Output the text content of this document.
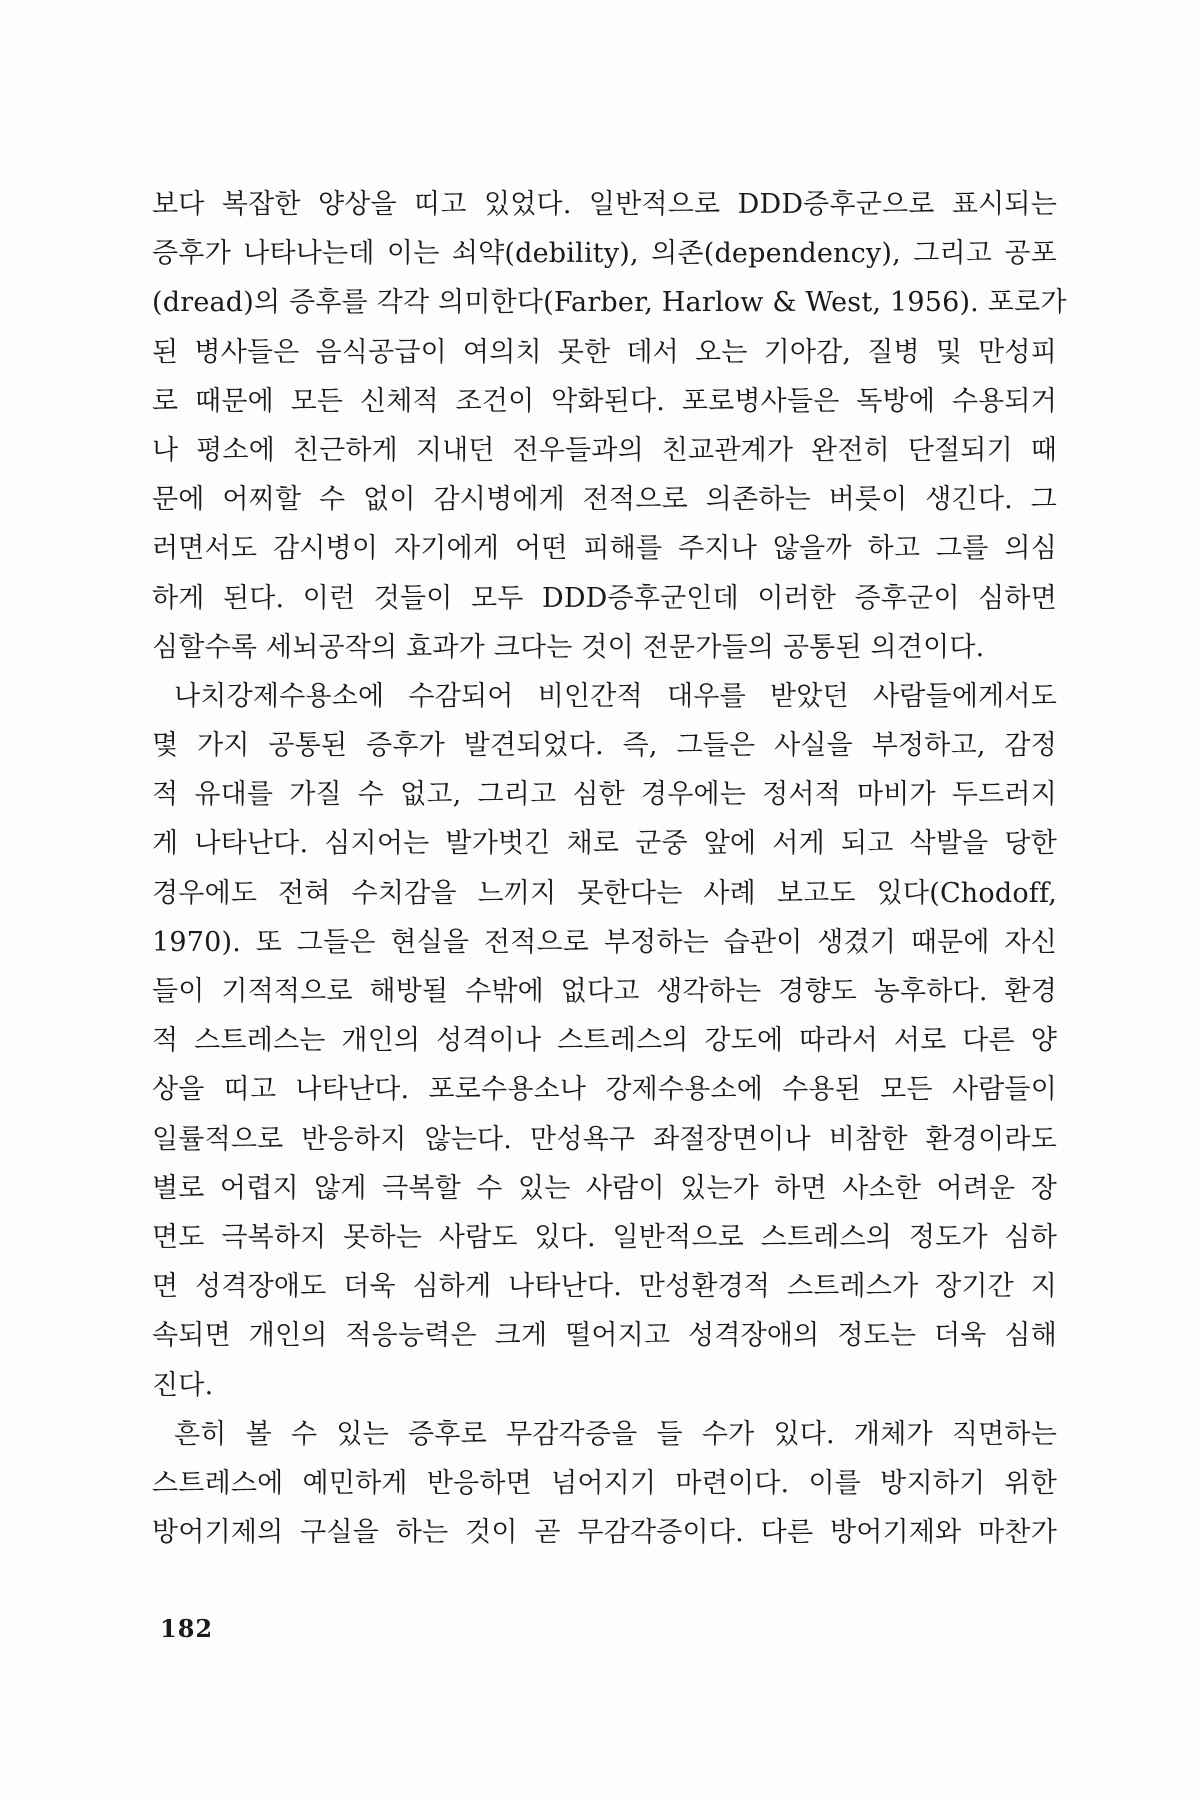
보다 복잡한 양상을 띠고 있었다. 일반적으로 DDD증후군으로 표시되는
증후가 나타나는데 이는 쇠약(debility), 의존(dependency), 그리고 공포
(dread)의 증후를 각각 의미한다(Farber, Harlow & West, 1956). 포로가
된 병사들은 음식공급이 여의치 못한 데서 오는 기아감, 질병 및 만성피
로 때문에 모든 신체적 조건이 악화된다. 포로병사들은 독방에 수용되거
나 평소에 친근하게 지내던 전우들과의 친교관계가 완전히 단절되기 때
문에 어찌할 수 없이 감시병에게 전적으로 의존하는 버릇이 생긴다. 그
러면서도 감시병이 자기에게 어떤 피해를 주지나 않을까 하고 그를 의심
하게 된다. 이런 것들이 모두 DDD증후군인데 이러한 증후군이 심하면
심할수록 세뇌공작의 효과가 크다는 것이 전문가들의 공통된 의견이다.
나치강제수용소에 수감되어 비인간적 대우를 받았던 사람들에게서도
몇 가지 공통된 증후가 발견되었다. 즉, 그들은 사실을 부정하고, 감정
적 유대를 가질 수 없고, 그리고 심한 경우에는 정서적 마비가 두드러지
게 나타난다. 심지어는 발가벗긴 채로 군중 앞에 서게 되고 삭발을 당한
경우에도 전혀 수치감을 느끼지 못한다는 사례 보고도 있다(Chodoff,
1970). 또 그들은 현실을 전적으로 부정하는 습관이 생겼기 때문에 자신
들이 기적적으로 해방될 수밖에 없다고 생각하는 경향도 농후하다. 환경
적 스트레스는 개인의 성격이나 스트레스의 강도에 따라서 서로 다른 양
상을 띠고 나타난다. 포로수용소나 강제수용소에 수용된 모든 사람들이
일률적으로 반응하지 않는다. 만성욕구 좌절장면이나 비참한 환경이라도
별로 어렵지 않게 극복할 수 있는 사람이 있는가 하면 사소한 어려운 장
면도 극복하지 못하는 사람도 있다. 일반적으로 스트레스의 정도가 심하
면 성격장애도 더욱 심하게 나타난다. 만성환경적 스트레스가 장기간 지
속되면 개인의 적응능력은 크게 떨어지고 성격장애의 정도는 더욱 심해
진다.
흔히 볼 수 있는 증후로 무감각증을 들 수가 있다. 개체가 직면하는
스트레스에 예민하게 반응하면 넘어지기 마련이다. 이를 방지하기 위한
방어기제의 구실을 하는 것이 곧 무감각증이다. 다른 방어기제와 마찬가
182
